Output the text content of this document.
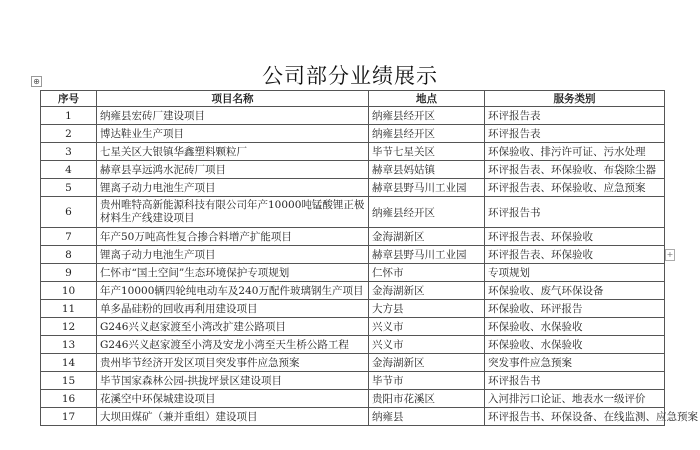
⊕
+
公司部分业绩展示
序号	项目名称	地点	服务类别
1	纳雍县宏砖厂建设项目	纳雍县经开区	环评报告表
2	博达鞋业生产项目	纳雍县经开区	环评报告表
3	七星关区大银镇华鑫塑料颗粒厂	毕节七星关区	环保验收、排污许可证、污水处理
4	赫章县享远鸿水泥砖厂项目	赫章县妈姑镇	环评报告表、环保验收、布袋除尘器
5	锂离子动力电池生产项目	赫章县野马川工业园	环评报告表、环保验收、应急预案
6	贵州唯特高新能源科技有限公司年产10000吨锰酸锂正极材料生产线建设项目	纳雍县经开区	环评报告书
7	年产50万吨高性复合掺合料增产扩能项目	金海湖新区	环评报告表、环保验收
8	锂离子动力电池生产项目	赫章县野马川工业园	环评报告表、环保验收
9	仁怀市“国土空间”生态环境保护专项规划	仁怀市	专项规划
10	年产10000辆四轮纯电动车及240万配件玻璃钢生产项目	金海湖新区	环保验收、废气环保设备
11	单多晶硅粉的回收再利用建设项目	大方县	环保验收、环评报告
12	G246兴义赵家渡至小湾改扩建公路项目	兴义市	环保验收、水保验收
13	G246兴义赵家渡至小湾及安龙小湾至天生桥公路工程	兴义市	环保验收、水保验收
14	贵州毕节经济开发区项目突发事件应急预案	金海湖新区	突发事件应急预案
15	毕节国家森林公园-拱拢坪景区建设项目	毕节市	环评报告书
16	花溪空中环保城建设项目	贵阳市花溪区	入河排污口论证、地表水一级评价
17	大坝田煤矿（兼并重组）建设项目	纳雍县	环评报告书、环保设备、在线监测、应急预案
